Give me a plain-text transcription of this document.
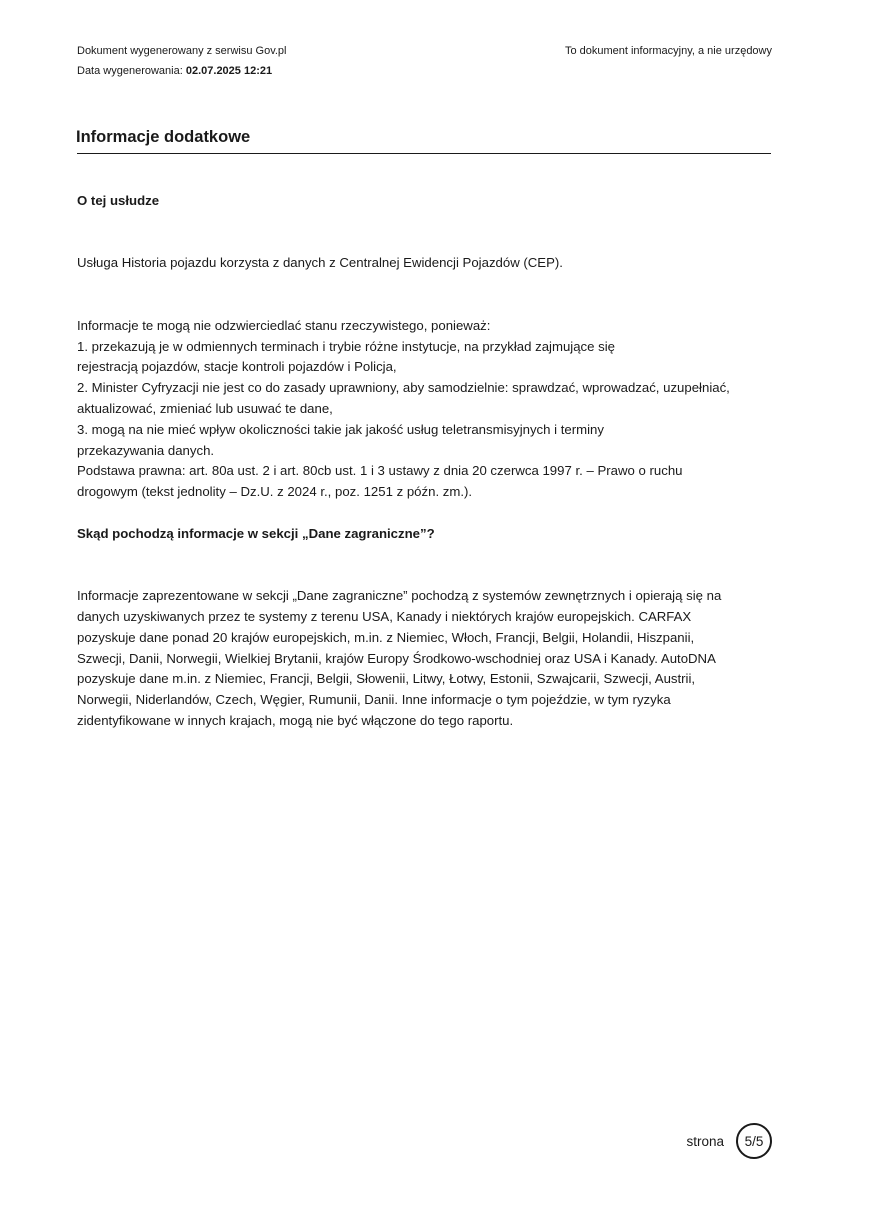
Dokument wygenerowany z serwisu Gov.pl
Data wygenerowania: 02.07.2025 12:21
To dokument informacyjny, a nie urzędowy
Informacje dodatkowe
O tej usłudze

Usługa Historia pojazdu korzysta z danych z Centralnej Ewidencji Pojazdów (CEP).

Informacje te mogą nie odzwierciedlać stanu rzeczywistego, ponieważ:

1. przekazują je w odmiennych terminach i trybie różne instytucje, na przykład zajmujące się

rejestracją pojazdów, stacje kontroli pojazdów i Policja,

2. Minister Cyfryzacji nie jest co do zasady uprawniony, aby samodzielnie: sprawdzać, wprowadzać, uzupełniać,

aktualizować, zmieniać lub usuwać te dane,

3. mogą na nie mieć wpływ okoliczności takie jak jakość usług teletransmisyjnych i terminy

przekazywania danych.

Podstawa prawna: art. 80a ust. 2 i art. 80cb ust. 1 i 3 ustawy z dnia 20 czerwca 1997 r. – Prawo o ruchu

drogowym (tekst jednolity – Dz.U. z 2024 r., poz. 1251 z późn. zm.).

Skąd pochodzą informacje w sekcji „Dane zagraniczne”?

Informacje zaprezentowane w sekcji „Dane zagraniczne” pochodzą z systemów zewnętrznych i opierają się na

danych uzyskiwanych przez te systemy z terenu USA, Kanady i niektórych krajów europejskich. CARFAX

pozyskuje dane ponad 20 krajów europejskich, m.in. z Niemiec, Włoch, Francji, Belgii, Holandii, Hiszpanii,

Szwecji, Danii, Norwegii, Wielkiej Brytanii, krajów Europy Środkowo-wschodniej oraz USA i Kanady. AutoDNA

pozyskuje dane m.in. z Niemiec, Francji, Belgii, Słowenii, Litwy, Łotwy, Estonii, Szwajcarii, Szwecji, Austrii,

Norwegii, Niderlandów, Czech, Węgier, Rumunii, Danii. Inne informacje o tym pojeździe, w tym ryzyka

zidentyfikowane w innych krajach, mogą nie być włączone do tego raportu.

strona 5/5
